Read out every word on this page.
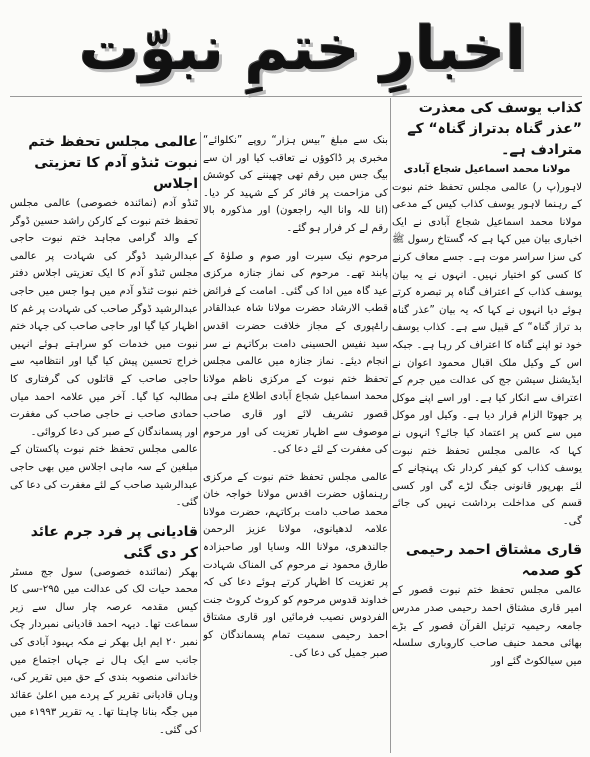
اخبارِ ختمِ نبوّت
کذاب یوسف کی معذرت ”عذر گناہ بدتراز گناہ“ کے مترادف ہے۔

مولانا محمد اسماعیل شجاع آبادی

لاہور(پ ر) عالمی مجلس تحفظ ختم نبوت کے رہنما لاہور یوسف کذاب کیس کے مدعی مولانا محمد اسماعیل شجاع آبادی نے ایک اخباری بیان میں کہا ہے کہ گستاخ رسول ﷺ کی سزا سراسر موت ہے۔ جسے معاف کرنے کا کسی کو اختیار نہیں۔ انہوں نے یہ بیان یوسف کذاب کے اعتراف گناہ پر تبصرہ کرتے ہوئے دیا انہوں نے کہا کہ یہ بیان ”عذر گناہ بد تراز گناہ“ کے قبیل سے ہے۔ کذاب یوسف خود تو اپنے گناہ کا اعتراف کر رہا ہے۔ جبکہ اس کے وکیل ملک اقبال محمود اعوان نے ایڈیشنل سیشن جج کی عدالت میں جرم کے اعتراف سے انکار کیا ہے۔ اور اسے اپنے موکل پر جھوٹا الزام قرار دیا ہے۔ وکیل اور موکل میں سے کس پر اعتماد کیا جائے؟ انہوں نے کہا کہ عالمی مجلس تحفظ ختم نبوت یوسف کذاب کو کیفر کردار تک پہنچانے کے لئے بھرپور قانونی جنگ لڑے گی اور کسی قسم کی مداخلت برداشت نہیں کی جائے گی۔

قاری مشتاق احمد رحیمی کو صدمہ

عالمی مجلس تحفظ ختم نبوت قصور کے امیر قاری مشتاق احمد رحیمی صدر مدرس جامعہ رحیمیہ ترتیل القرآن قصور کے بڑے بھائی محمد حنیف صاحب کاروباری سلسلہ میں سیالکوٹ گئے اور

بنک سے مبلغ ”بیس ہزار“ روپے ”نکلوائے“ مخبری پر ڈاکوؤں نے تعاقب کیا اور ان سے بیگ جس میں رقم تھی چھیننے کی کوشش کی مزاحمت پر فائر کر کے شہید کر دیا۔ (انا للہ وانا الیہ راجعون) اور مذکورہ بالا رقم لے کر فرار ہو گئے۔

مرحوم نیک سیرت اور صوم و صلوٰۃ کے پابند تھے۔ مرحوم کی نماز جنازہ مرکزی عید گاہ میں ادا کی گئی۔ امامت کے فرائض قطب الارشاد حضرت مولانا شاہ عبدالقادر راۓپوری کے مجاز خلافت حضرت اقدس سید نفیس الحسینی دامت برکاتہم نے سر انجام دیئے۔ نماز جنازہ میں عالمی مجلس تحفظ ختم نبوت کے مرکزی ناظم مولانا محمد اسماعیل شجاع آبادی اطلاع ملتے ہی قصور تشریف لائے اور قاری صاحب موصوف سے اظہار تعزیت کی اور مرحوم کی مغفرت کے لئے دعا کی۔

عالمی مجلس تحفظ ختم نبوت کے مرکزی رہنماؤں حضرت اقدس مولانا خواجہ خان محمد صاحب دامت برکاتہم، حضرت مولانا علامہ لدھیانوی، مولانا عزیز الرحمن جالندھری، مولانا اللہ وسایا اور صاحبزادہ طارق محمود نے مرحوم کی المناک شہادت پر تعزیت کا اظہار کرتے ہوئے دعا کی کہ خداوند قدوس مرحوم کو کروٹ کروٹ جنت الفردوس نصیب فرمائیں اور قاری مشتاق احمد رحیمی سمیت تمام پسماندگان کو صبر جمیل کی دعا کی۔

عالمی مجلس تحفظ ختم نبوت ٹنڈو آدم کا تعزیتی اجلاس

ٹنڈو آدم (نمائندہ خصوصی) عالمی مجلس تحفظ ختم نبوت کے کارکن راشد حسین ڈوگر کے والد گرامی مجاہد ختم نبوت حاجی عبدالرشید ڈوگر کی شہادت پر عالمی مجلس ٹنڈو آدم کا ایک تعزیتی اجلاس دفتر ختم نبوت ٹنڈو آدم میں ہوا جس میں حاجی عبدالرشید ڈوگر صاحب کی شہادت پر غم کا اظہار کیا گیا اور حاجی صاحب کی جہاد ختم نبوت میں خدمات کو سراہتے ہوئے انہیں خراج تحسین پیش کیا گیا اور انتظامیہ سے حاجی صاحب کے قاتلوں کی گرفتاری کا مطالبہ کیا گیا۔ آخر میں علامہ احمد میاں حمادی صاحب نے حاجی صاحب کی مغفرت اور پسماندگان کے صبر کی دعا کروائی۔

عالمی مجلس تحفظ ختم نبوت پاکستان کے مبلغین کے سہ ماہی اجلاس میں بھی حاجی عبدالرشید صاحب کے لئے مغفرت کی دعا کی گئی۔

قادیانی پر فرد جرم عائد کر دی گئی

بھکر (نمائندہ خصوصی) سول جج مسٹر محمد حیات لک کی عدالت میں ۲۹۵-سی کا کیس مقدمہ عرصہ چار سال سے زیر سماعت تھا۔ دیہہ احمد قادیانی نمبردار چک نمبر ۲۰ ایم ایل بھکر نے مکہ بہبود آبادی کی جانب سے ایک ہال نے جہاں اجتماع میں خاندانی منصوبہ بندی کے حق میں تقریر کی، وہاں قادیانی تقریر کے پردے میں اعلیٰ عقائد میں جگہ بنانا چاہتا تھا۔ یہ تقریر ۱۹۹۳ء میں کی گئی۔
